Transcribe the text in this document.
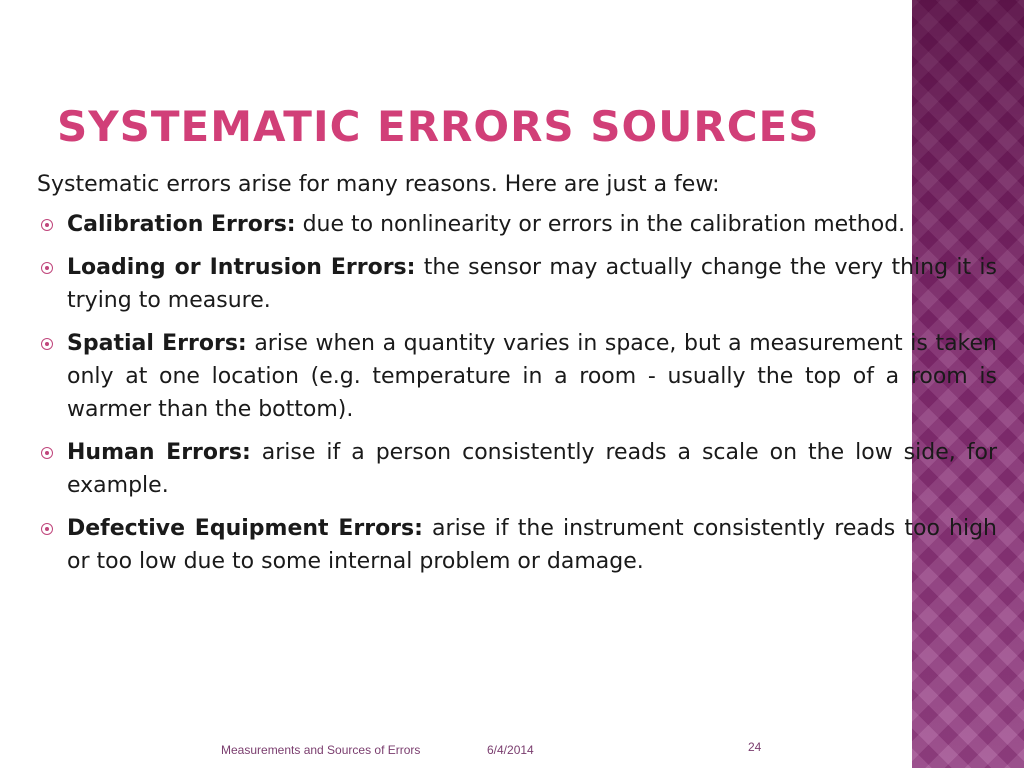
SYSTEMATIC ERRORS SOURCES
Systematic errors arise for many reasons. Here are just a few:
Calibration Errors: due to nonlinearity or errors in the calibration method.
Loading or Intrusion Errors: the sensor may actually change the very thing it is trying to measure.
Spatial Errors: arise when a quantity varies in space, but a measurement is taken only at one location (e.g. temperature in a room - usually the top of a room is warmer than the bottom).
Human Errors: arise if a person consistently reads a scale on the low side, for example.
Defective Equipment Errors: arise if the instrument consistently reads too high or too low due to some internal problem or damage.
Measurements and Sources of Errors	6/4/2014	24
